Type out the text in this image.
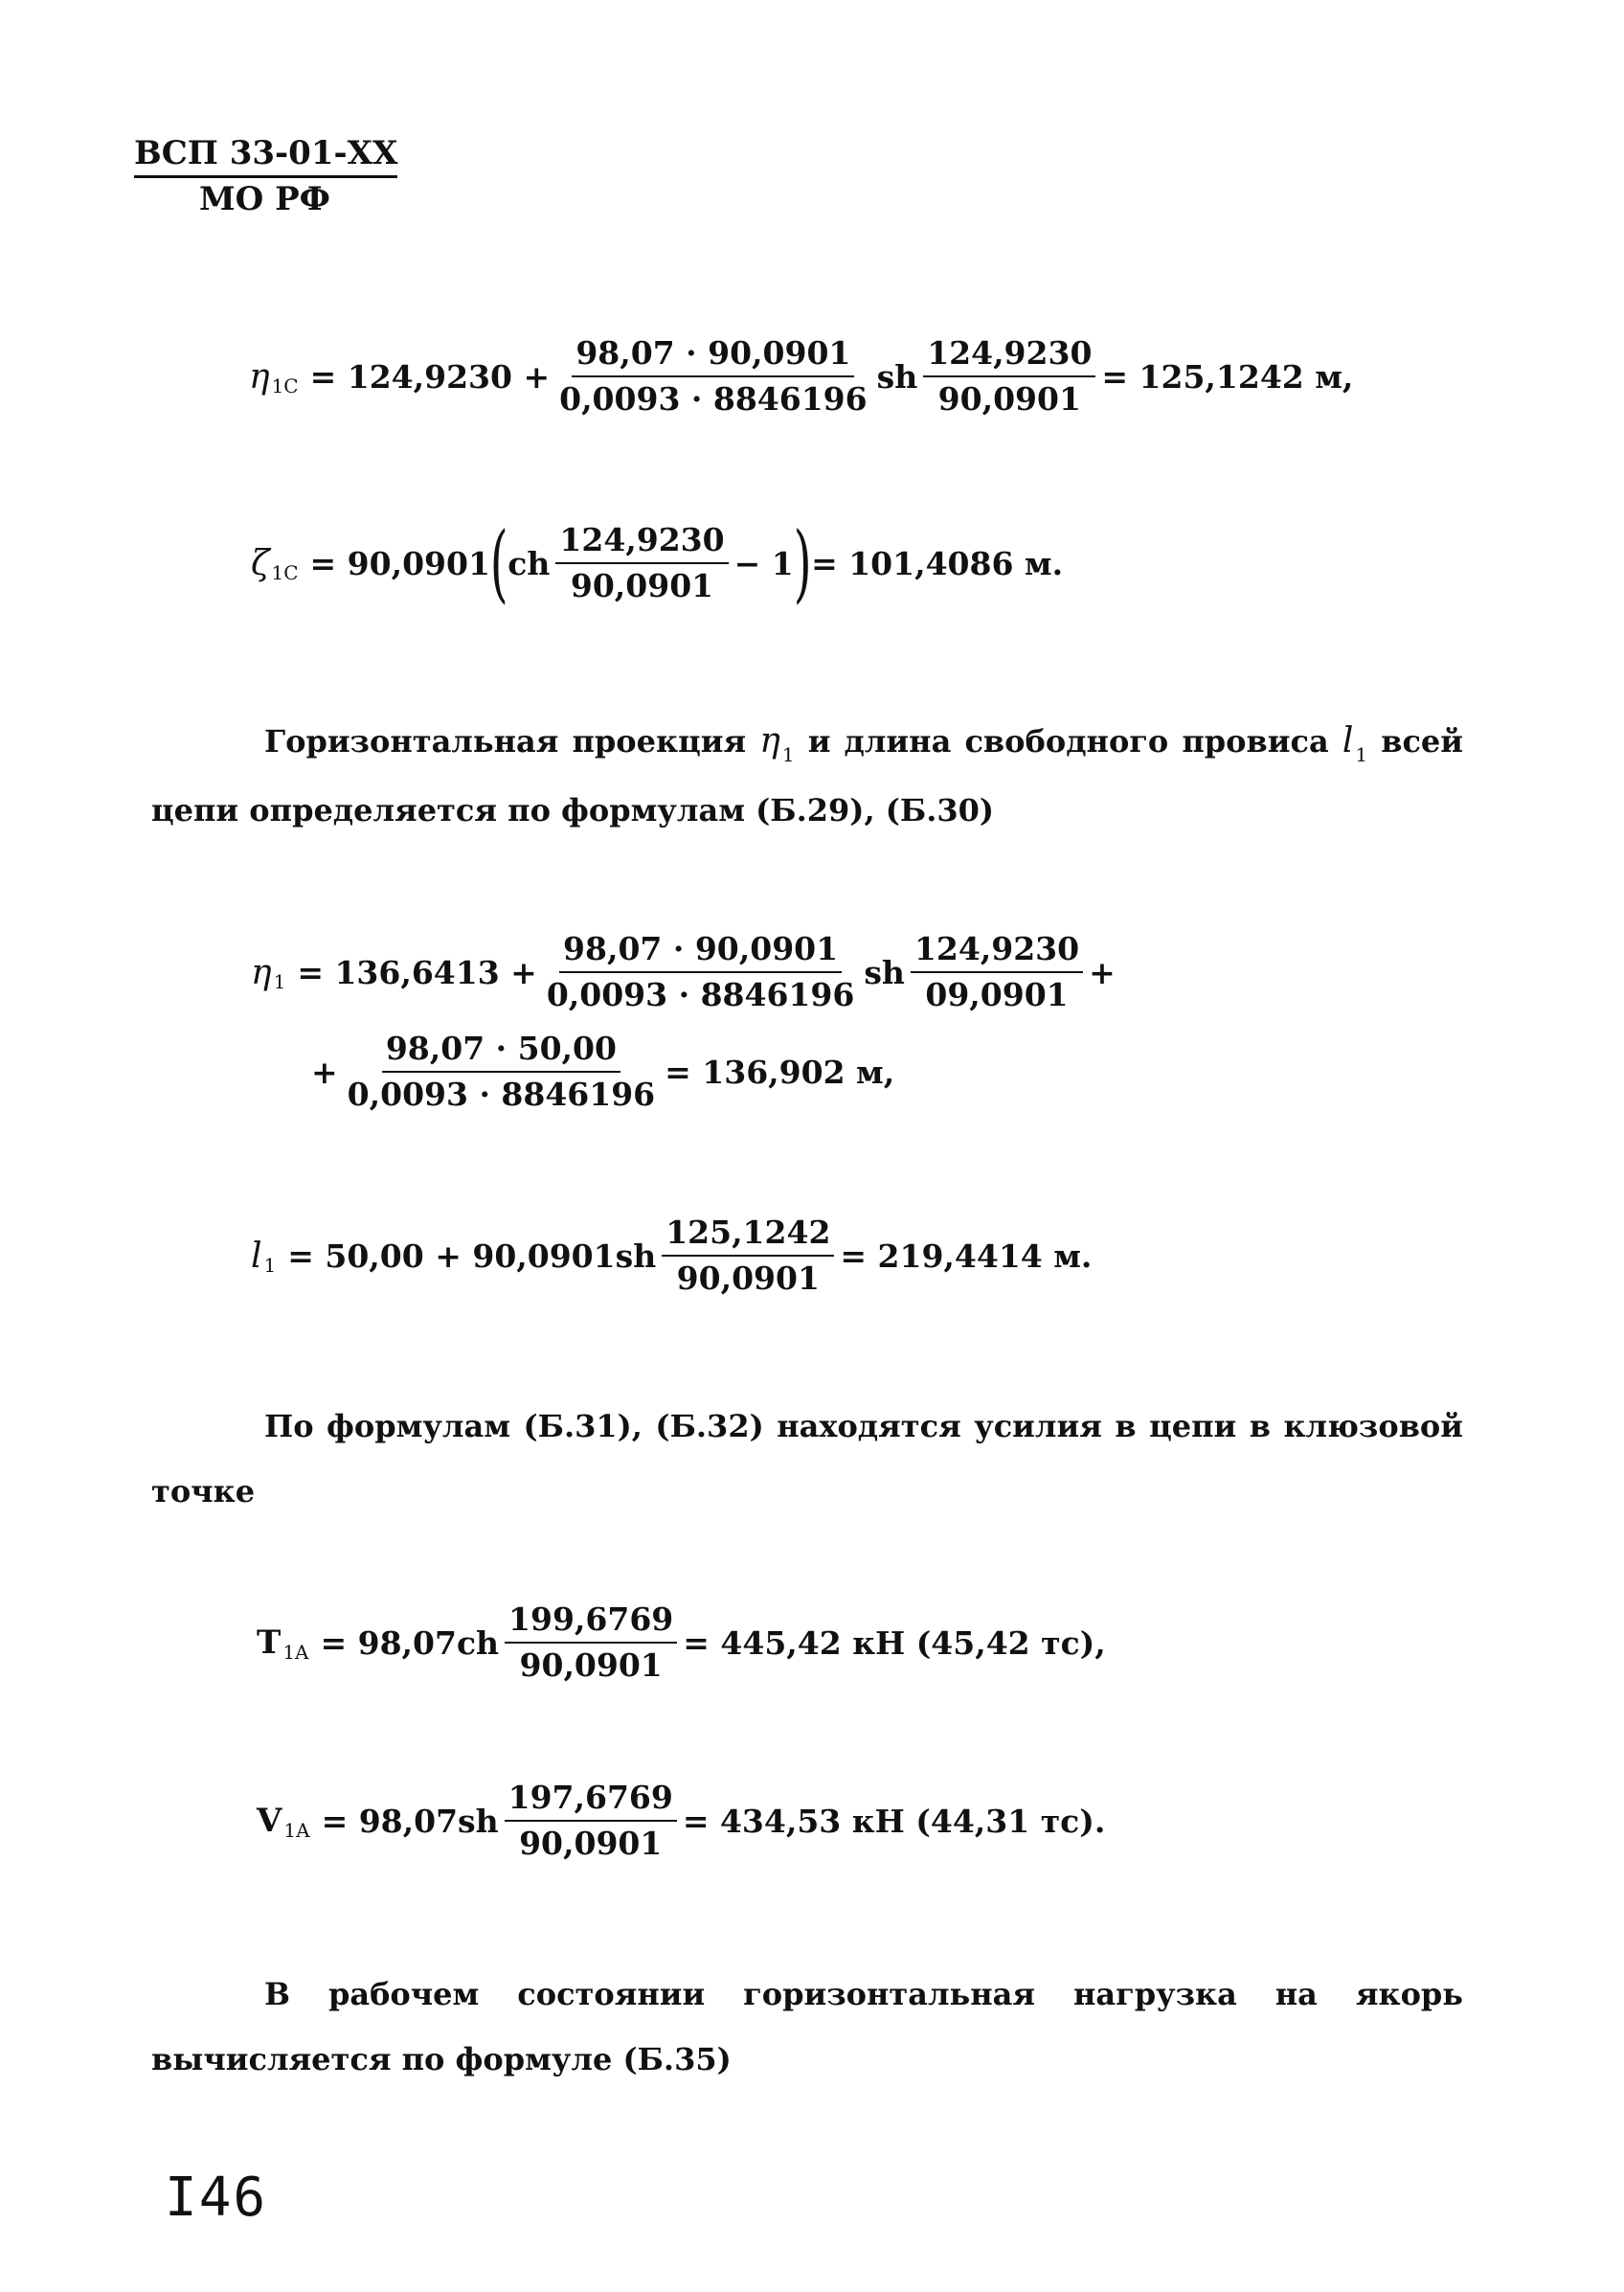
ВСП 33-01-ХХ
МО РФ
η $1С = 124,9230 + \frac{98,07 \cdot 90,0901}{0,0093 \cdot 8846196}$ sh $\frac{124,9230}{90,0901} = 125,1242$ м,
ζ 1С = 90,0901 ( ch $\frac{124,9230}{90,0901} - 1$ ) = 101,4086 м.
Горизонтальная проекция η $_1$ и длина свободного провиса l $_1$ всей цепи определяется по формулам (Б.29), (Б.30)
η $1 = 136,6413 + \frac{98,07 \cdot 90,0901}{0,0093 \cdot 8846196}$ sh $\frac{124,9230}{09,0901}$ +
+ $\frac{98,07 \cdot 50,00}{0,0093 \cdot 8846196} = 136,902$ м,
l $1 = 50,00 + 90,0901sh \frac{125,1242}{90,0901} = 219,4414$ м.
По формулам (Б.31), (Б.32) находятся усилия в цепи в клюзовой точке
T $1A = 98,07ch \frac{199,6769}{90,0901} = 445,42$ кН (45,42 тс),
V $1A = 98,07sh \frac{197,6769}{90,0901} = 434,53$ кН (44,31 тс).
В рабочем состоянии горизонтальная нагрузка на якорь вычисляется по формуле (Б.35)
I46
